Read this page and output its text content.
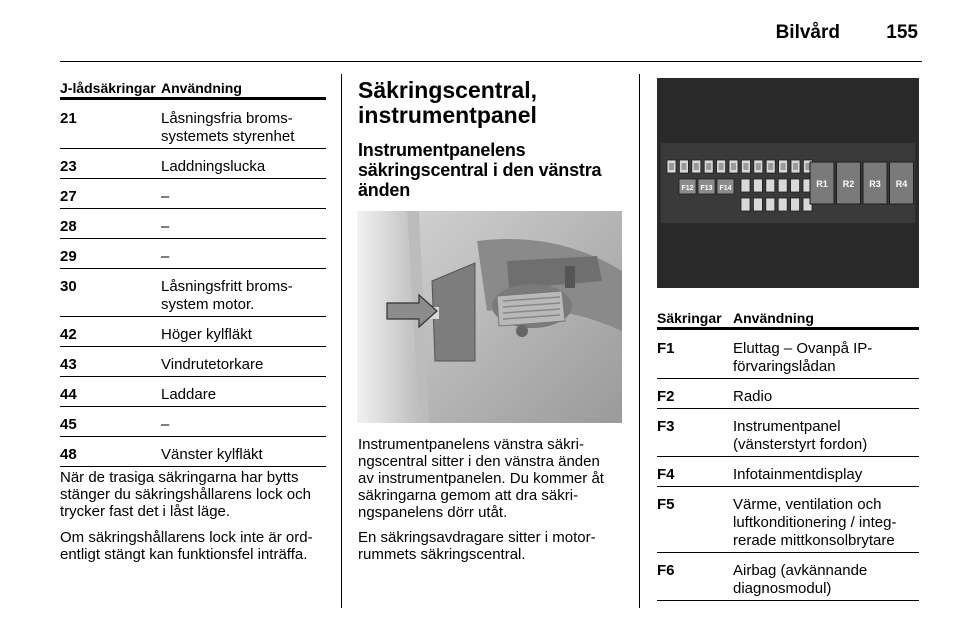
Bilvård 155
J-lådsäkringar Användning
21	Låsningsfria broms-
systemets styrenhet
23	Laddningslucka
27	–
28	–
29	–
30	Låsningsfritt broms-
system motor.
42	Höger kylfläkt
43	Vindrutetorkare
44	Laddare
45	–
48	Vänster kylfläkt
När de trasiga säkringarna har bytts
stänger du säkringshållarens lock och
trycker fast det i låst läge.
Om säkringshållarens lock inte är ord-
entligt stängt kan funktionsfel inträffa.
Säkringscentral,
instrumentpanel
Instrumentpanelens
säkringscentral i den vänstra
änden
Instrumentpanelens vänstra säkri-
ngscentral sitter i den vänstra änden
av instrumentpanelen. Du kommer åt
säkringarna gemom att dra säkri-
ngspanelens dörr utåt.
En säkringsavdragare sitter i motor-
rummets säkringscentral.
F12 F13 F14	R1 R2 R3 R4
Säkringar Användning
F1	Eluttag – Ovanpå IP-
förvaringslådan
F2	Radio
F3	Instrumentpanel
(vänsterstyrt fordon)
F4	Infotainmentdisplay
F5	Värme, ventilation och
luftkonditionering / integ-
rerade mittkonsolbrytare
F6	Airbag (avkännande
diagnosmodul)
